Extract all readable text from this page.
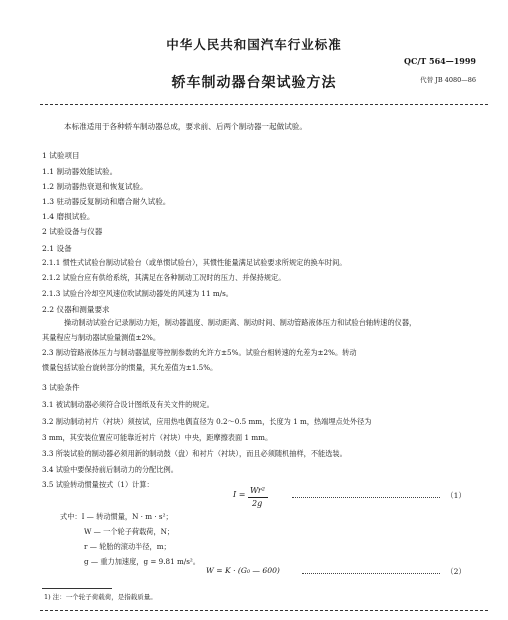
中华人民共和国汽车行业标准
QC/T 564—1999
轿车制动器台架试验方法	代替 JB 4080—86
本标准适用于各种轿车制动器总成，要求前、后两个制动器一起做试验。
1 试验项目
1.1 制动器效能试验。
1.2 制动器热衰退和恢复试验。
1.3 驻动器反复制动和磨合耐久试验。
1.4 磨损试验。
2 试验设备与仪器
2.1 设备
2.1.1 惯性式试验台制动试验台（或单惯试验台），其惯性能量满足试验要求所规定的换车时间。
2.1.2 试验台应有供给系统，其满足在各种制动工况时的压力、并保持规定。
2.1.3 试验台冷却空风速位吹试制动器处的风速为 11 m/s。
2.2 仪器和测量要求
操动制动试验台记录制动力矩，制动器温度、制动距离、制动时间、制动管路液体压力和试验台轴转速的仪器，
其量程应与制动器试验量测值±2%。
2.3 制动管路液体压力与制动器温度等控制参数的允许方±5%。试验台相转速的允差为±2%。转动
惯量包括试验台旋转部分的惯量，其允差值为±1.5%。
3 试验条件
3.1 被试制动器必须符合设计图纸及有关文件的规定。
3.2 制动制动衬片（衬块）须按试，应用热电偶直径为 0.2～0.5 mm，长度为 1 m，热端埋点处外径为
3 mm，其安装位置应可能靠近衬片（衬块）中央，距摩擦表面 1 mm。
3.3 所装试验的制动器必须用新的制动鼓（盘）和衬片（衬块），而且必须随机抽样，不能选装。
3.4 试验中要保持前后制动力的分配比例。
3.5 试验转动惯量按式（1）计算：
Wr²
2g
I =	（1）
式中：I — 转动惯量，N · m · s²；
W — 一个轮子荷载荷，N；
r — 轮胎的滚动半径，m；
g — 重力加速度，g = 9.81 m/s²。
W = K · (G₀ — 600)	（2）
1) 注：一个轮子荷载荷，是指载质量。
